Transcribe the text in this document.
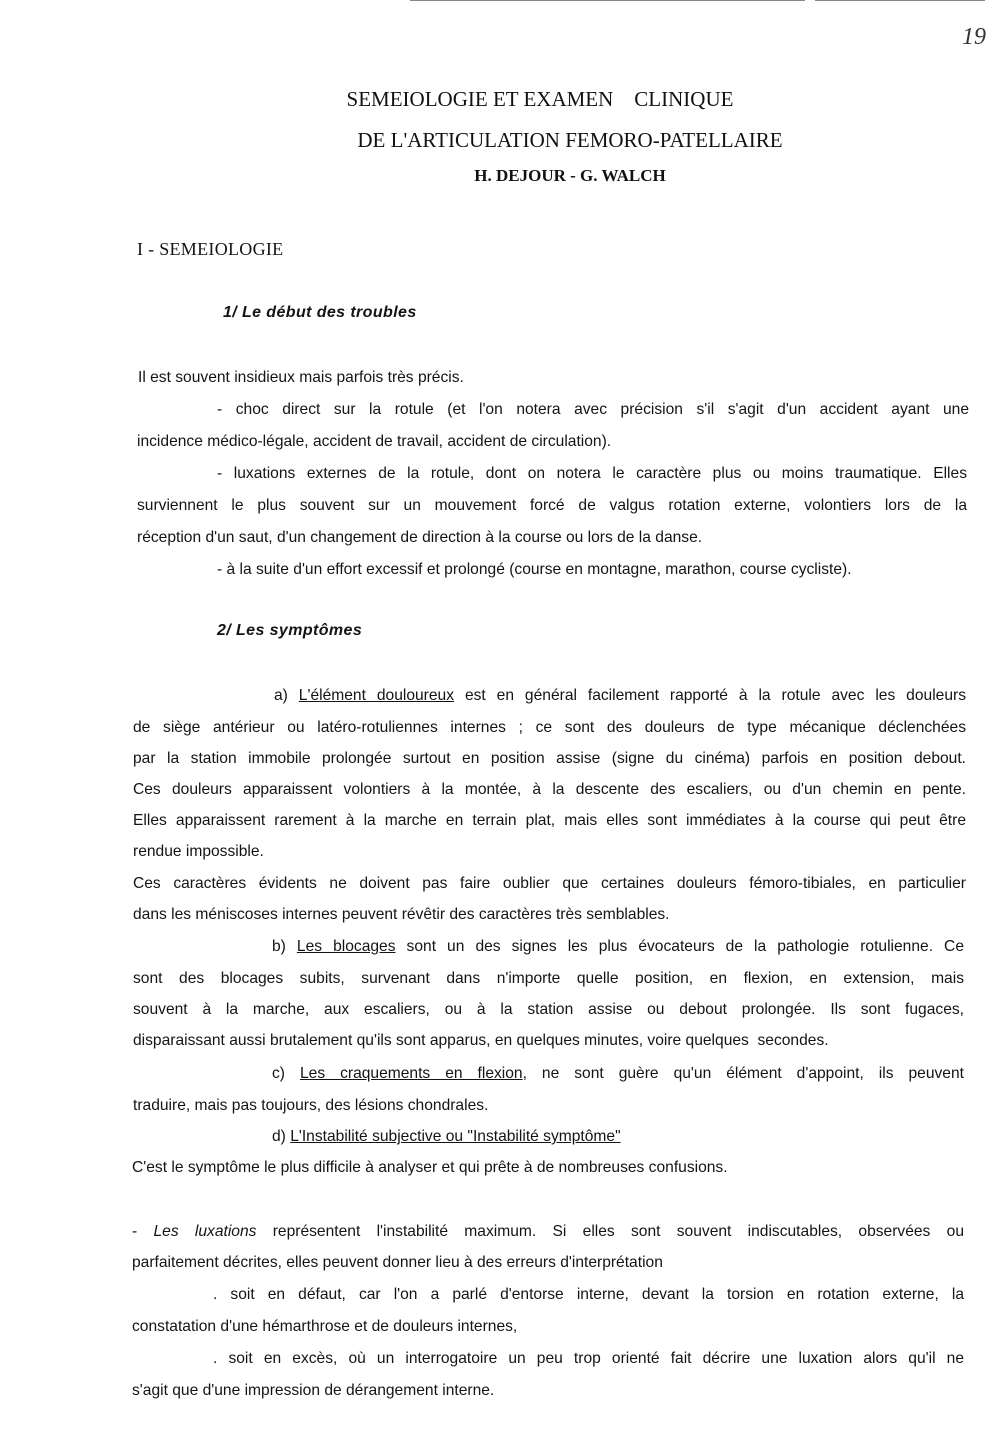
19
SEMEIOLOGIE ET EXAMEN    CLINIQUE
DE L'ARTICULATION FEMORO-PATELLAIRE
H. DEJOUR - G. WALCH
I - SEMEIOLOGIE
1/ Le début des troubles
Il est souvent insidieux mais parfois très précis.
- choc direct sur la rotule (et l'on notera avec précision s'il s'agit d'un accident ayant une
incidence médico-légale, accident de travail, accident de circulation).
- luxations externes de la rotule, dont on notera le caractère plus ou moins traumatique. Elles
surviennent le plus souvent sur un mouvement forcé de valgus rotation externe, volontiers lors de la
réception d'un saut, d'un changement de direction à la course ou lors de la danse.
- à la suite d'un effort excessif et prolongé (course en montagne, marathon, course cycliste).
2/ Les symptômes
a) L'élément douloureux est en général facilement rapporté à la rotule avec les douleurs
de siège antérieur ou latéro-rotuliennes internes ; ce sont des douleurs de type mécanique déclenchées
par la station immobile prolongée surtout en position assise (signe du cinéma) parfois en position debout.
Ces douleurs apparaissent volontiers à la montée, à la descente des escaliers, ou d'un chemin en pente.
Elles apparaissent rarement à la marche en terrain plat, mais elles sont immédiates à la course qui peut être
rendue impossible.
Ces caractères évidents ne doivent pas faire oublier que certaines douleurs fémoro-tibiales, en particulier
dans les méniscoses internes peuvent révêtir des caractères très semblables.
b) Les blocages sont un des signes les plus évocateurs de la pathologie rotulienne. Ce
sont des blocages subits, survenant dans n'importe quelle position, en flexion, en extension, mais
souvent à la marche, aux escaliers, ou à la station assise ou debout prolongée. Ils sont fugaces,
disparaissant aussi brutalement qu'ils sont apparus, en quelques minutes, voire quelques  secondes.
c) Les craquements en flexion, ne sont guère qu'un élément d'appoint, ils peuvent
traduire, mais pas toujours, des lésions chondrales.
d) L'Instabilité subjective ou "Instabilité symptôme"
C'est le symptôme le plus difficile à analyser et qui prête à de nombreuses confusions.
- Les luxations représentent l'instabilité maximum. Si elles sont souvent indiscutables, observées ou
parfaitement décrites, elles peuvent donner lieu à des erreurs d'interprétation
. soit en défaut, car l'on a parlé d'entorse interne, devant la torsion en rotation externe, la
constatation d'une hémarthrose et de douleurs internes,
. soit en excès, où un interrogatoire un peu trop orienté fait décrire une luxation alors qu'il ne
s'agit que d'une impression de dérangement interne.
